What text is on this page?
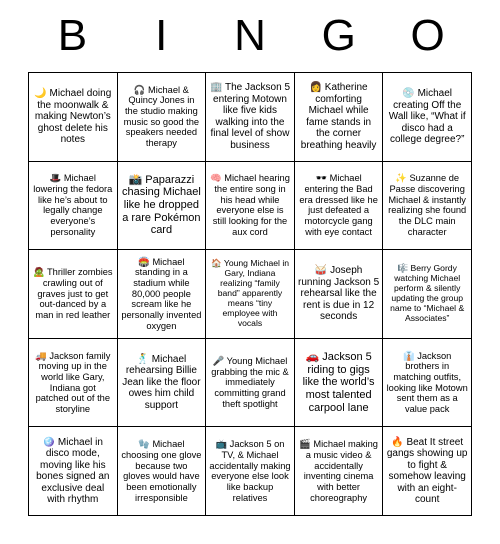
B	I	N	G	O
🌙 Michael doing the moonwalk & making Newton’s ghost delete his notes
🎧 Michael & Quincy Jones in the studio making music so good the speakers needed therapy
🏢 The Jackson 5 entering Motown like five kids walking into the final level of show business
👩 Katherine comforting Michael while fame stands in the corner breathing heavily
💿 Michael creating Off the Wall like, “What if disco had a college degree?”
🎩 Michael lowering the fedora like he’s about to legally change everyone’s personality
📸 Paparazzi chasing Michael like he dropped a rare Pokémon card
🧠 Michael hearing the entire song in his head while everyone else is still looking for the aux cord
🕶️ Michael entering the Bad era dressed like he just defeated a motorcycle gang with eye contact
✨ Suzanne de Passe discovering Michael & instantly realizing she found the DLC main character
🧟 Thriller zombies crawling out of graves just to get out-danced by a man in red leather
🏟️ Michael standing in a stadium while 80,000 people scream like he personally invented oxygen
🏠 Young Michael in Gary, Indiana realizing “family band” apparently means “tiny employee with vocals
🥁 Joseph running Jackson 5 rehearsal like the rent is due in 12 seconds
🎼 Berry Gordy watching Michael perform & silently updating the group name to “Michael & Associates”
🚚 Jackson family moving up in the world like Gary, Indiana got patched out of the storyline
🕺 Michael rehearsing Billie Jean like the floor owes him child support
🎤 Young Michael grabbing the mic & immediately committing grand theft spotlight
🚗 Jackson 5 riding to gigs like the world’s most talented carpool lane
👔 Jackson brothers in matching outfits, looking like Motown sent them as a value pack
🪩 Michael in disco mode, moving like his bones signed an exclusive deal with rhythm
🧤 Michael choosing one glove because two gloves would have been emotionally irresponsible
📺 Jackson 5 on TV, & Michael accidentally making everyone else look like backup relatives
🎬 Michael making a music video & accidentally inventing cinema with better choreography
🔥 Beat It street gangs showing up to fight & somehow leaving with an eight-count
